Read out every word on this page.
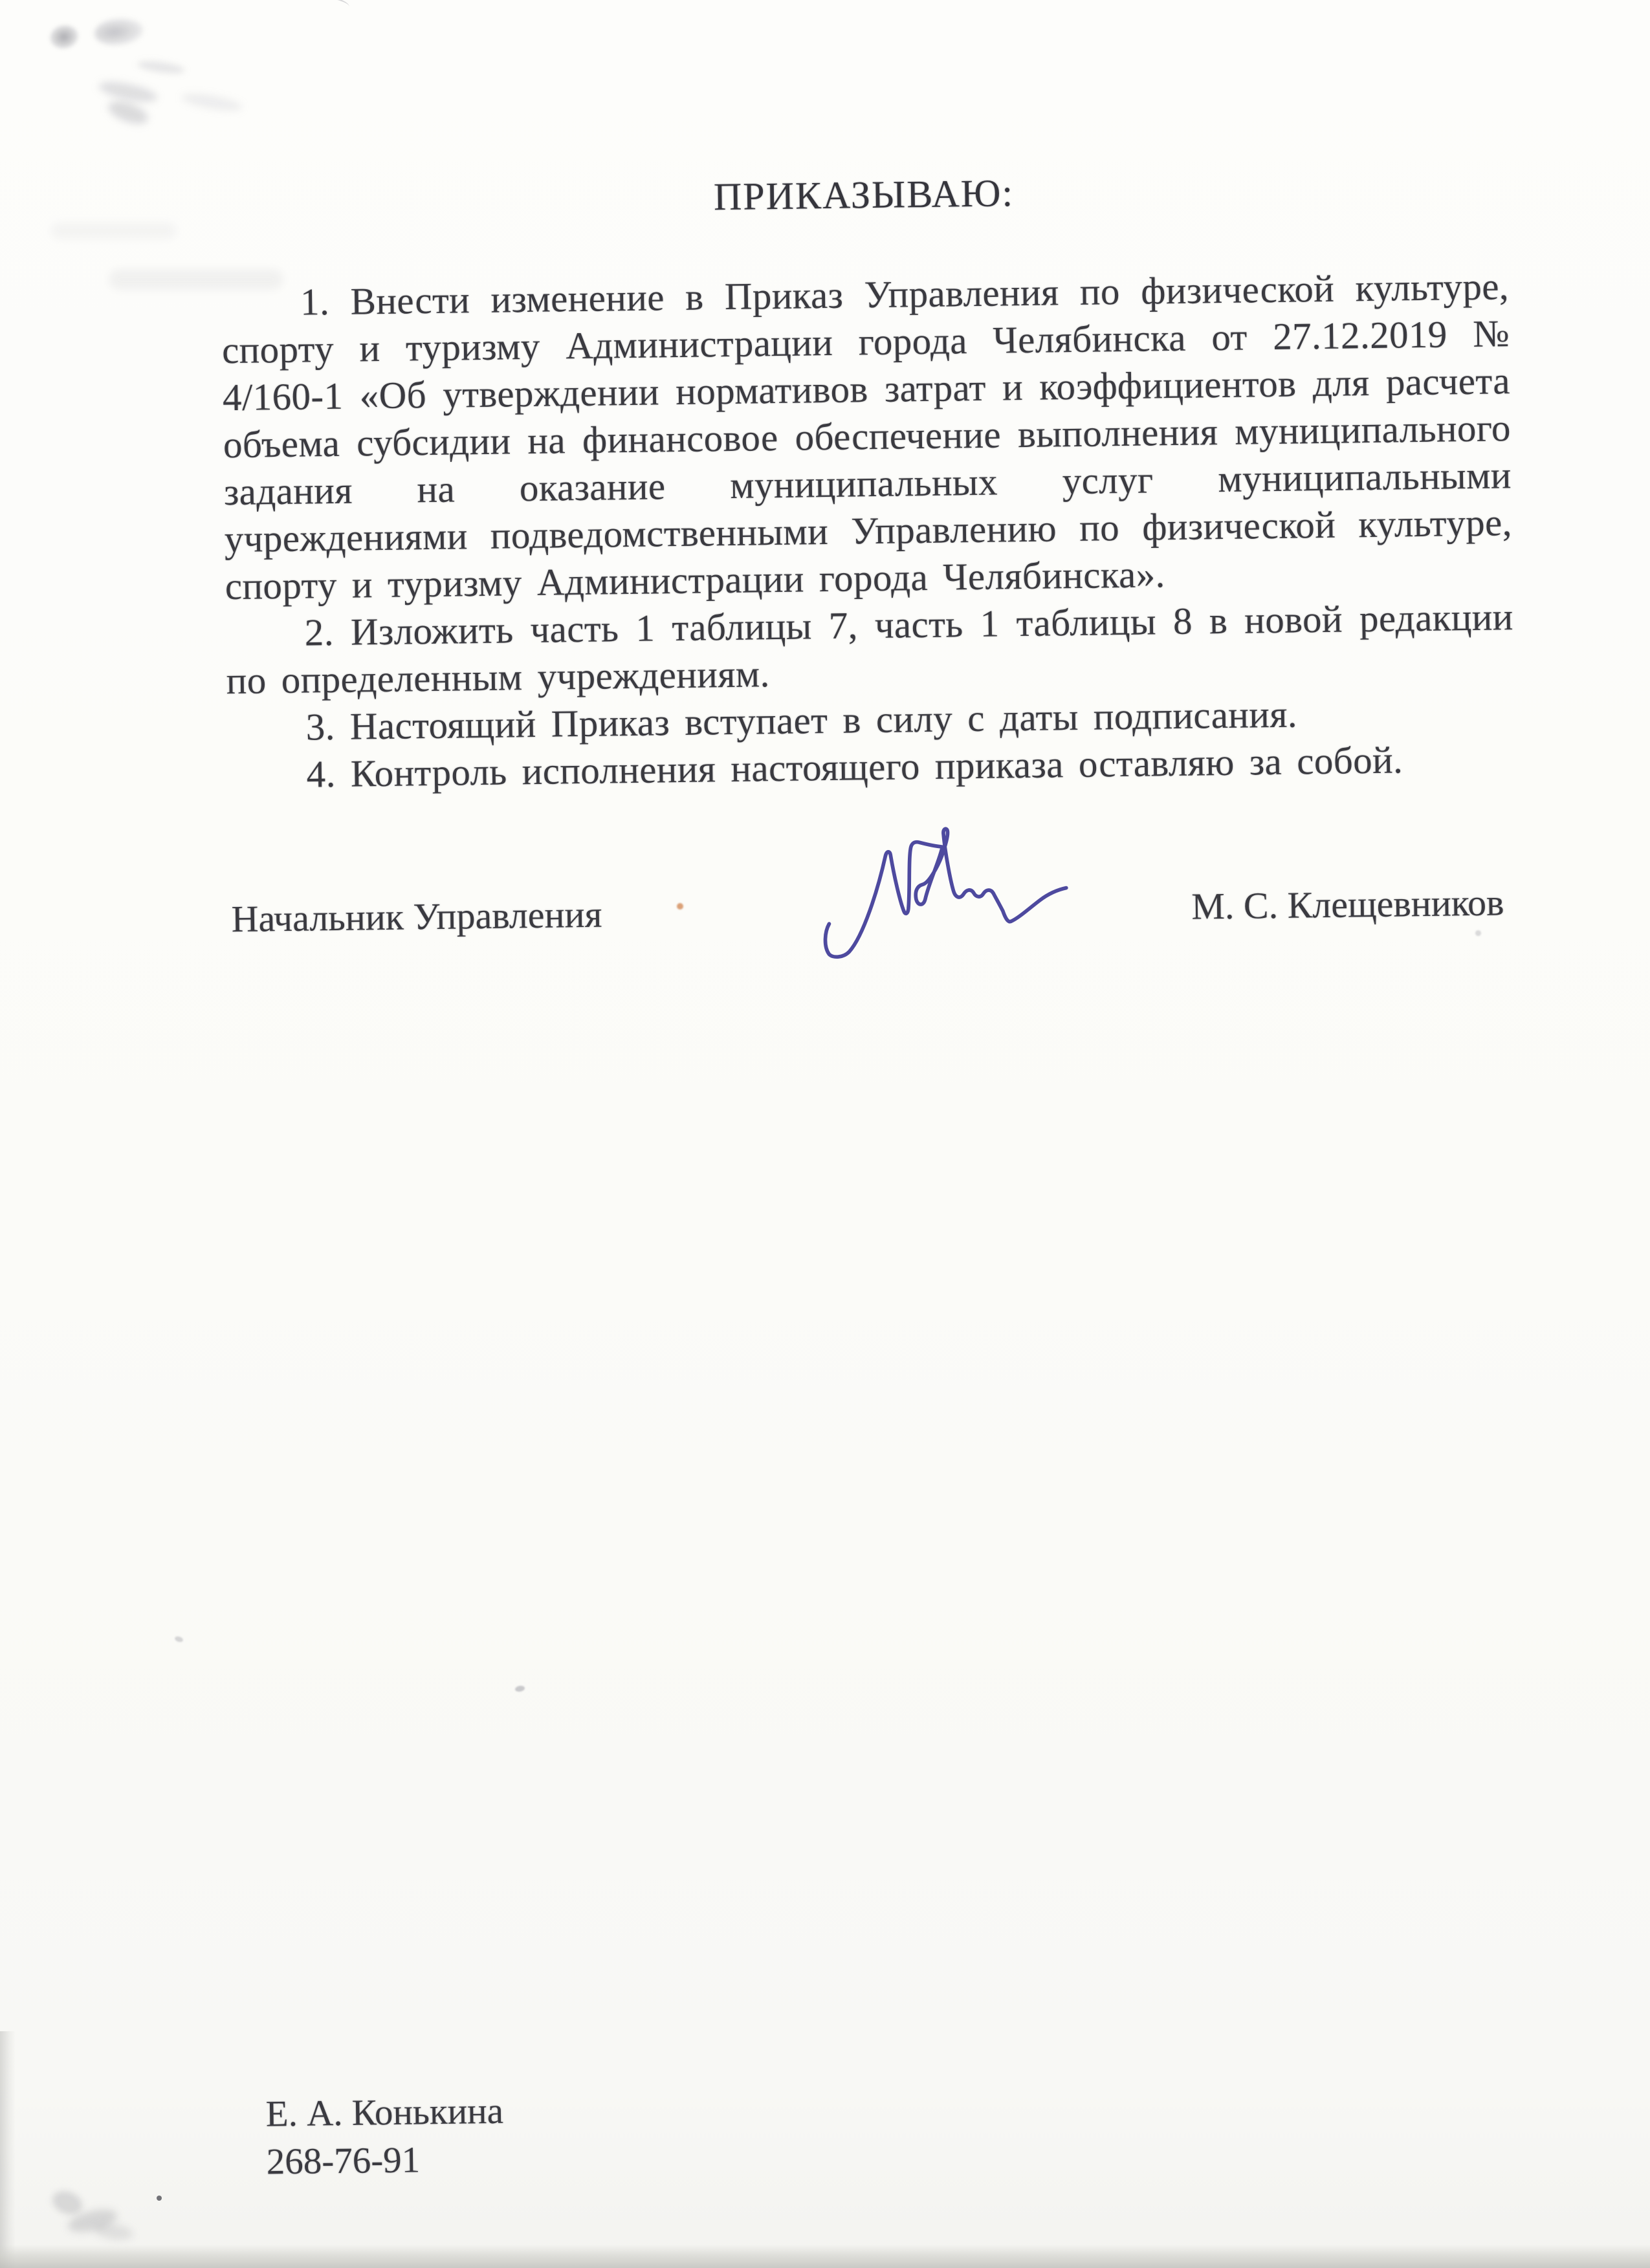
ПРИКАЗЫВАЮ:

1. Внести изменение в Приказ Управления по физической культуре, спорту и туризму Администрации города Челябинска от 27.12.2019 № 4/160-1 «Об утверждении нормативов затрат и коэффициентов для расчета объема субсидии на финансовое обеспечение выполнения муниципального задания на оказание муниципальных услуг муниципальными учреждениями подведомственными Управлению по физической культуре, спорту и туризму Администрации города Челябинска».

2. Изложить часть 1 таблицы 7, часть 1 таблицы 8 в новой редакции по определенным учреждениям.

3. Настоящий Приказ вступает в силу с даты подписания.

4. Контроль исполнения настоящего приказа оставляю за собой.

Начальник Управления	М. С. Клещевников
Е. А. Конькина
268-76-91
